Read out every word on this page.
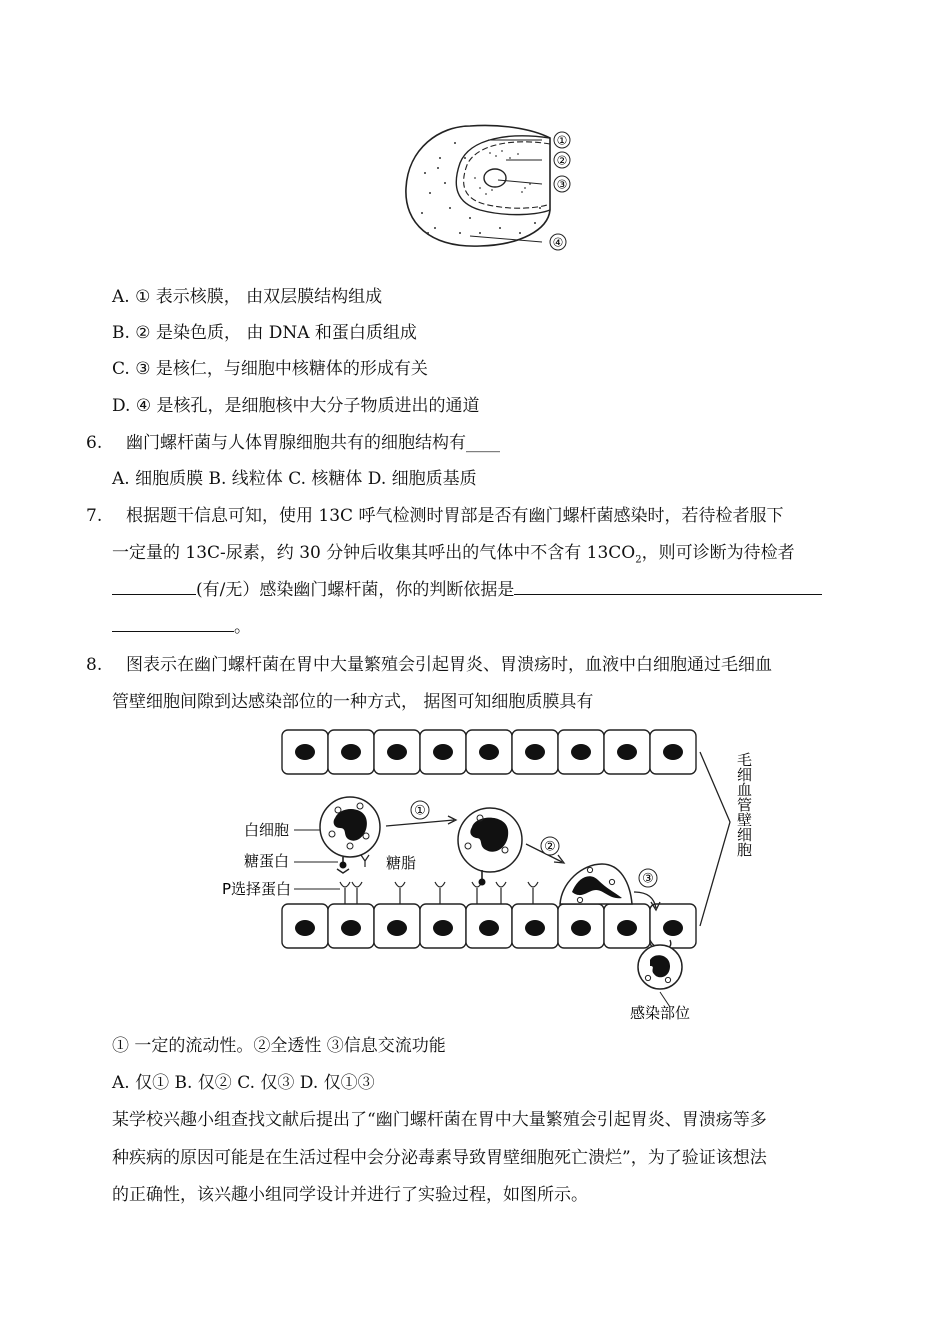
①
②
③
④
A. ① 表示核膜， 由双层膜结构组成
B. ② 是染色质， 由 DNA 和蛋白质组成
C. ③ 是核仁，与细胞中核糖体的形成有关
D. ④ 是核孔，是细胞核中大分子物质进出的通道
6. 幽门螺杆菌与人体胃腺细胞共有的细胞结构有____
A. 细胞质膜 B. 线粒体 C. 核糖体 D. 细胞质基质
7. 根据题干信息可知，使用 13C 呼气检测时胃部是否有幽门螺杆菌感染时，若待检者服下
一定量的 13C-尿素，约 30 分钟后收集其呼出的气体中不含有 $13CO_2$，则可诊断为待检者
(有/无）感染幽门螺杆菌，你的判断依据是
。
8. 图表示在幽门螺杆菌在胃中大量繁殖会引起胃炎、胃溃疡时，血液中白细胞通过毛细血
管壁细胞间隙到达感染部位的一种方式， 据图可知细胞质膜具有
①
②
③
白细胞
糖蛋白	糖脂
P选择蛋白
感染部位
毛细血管壁细胞
① 一定的流动性。②全透性 ③信息交流功能
A. 仅① B. 仅② C. 仅③ D. 仅①③
某学校兴趣小组查找文献后提出了“幽门螺杆菌在胃中大量繁殖会引起胃炎、胃溃疡等多
种疾病的原因可能是在生活过程中会分泌毒素导致胃壁细胞死亡溃烂”，为了验证该想法
的正确性，该兴趣小组同学设计并进行了实验过程，如图所示。
